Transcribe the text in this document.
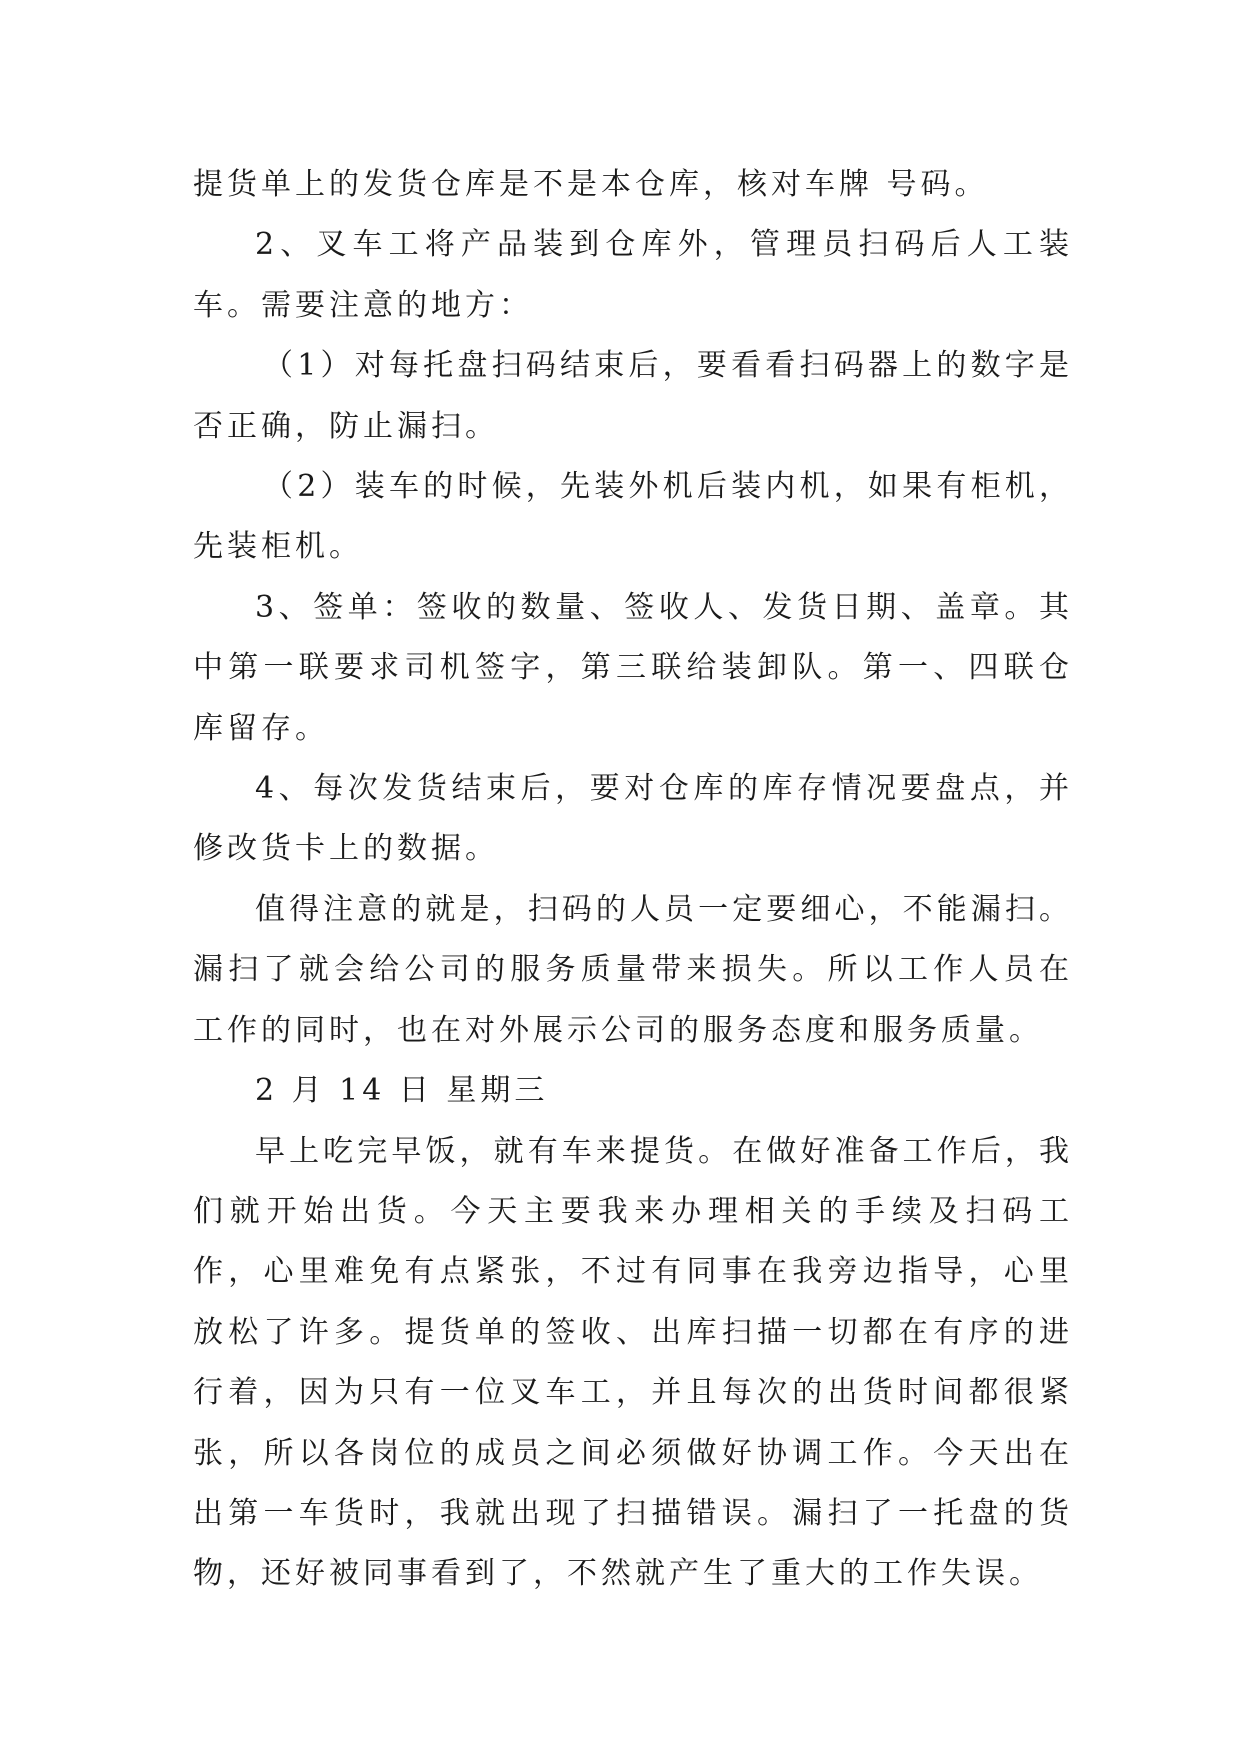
提货单上的发货仓库是不是本仓库，核对车牌 号码。

2、叉车工将产品装到仓库外，管理员扫码后人工装车。需要注意的地方：

（1）对每托盘扫码结束后，要看看扫码器上的数字是否正确，防止漏扫。

（2）装车的时候，先装外机后装内机，如果有柜机，先装柜机。

3、签单：签收的数量、签收人、发货日期、盖章。其中第一联要求司机签字，第三联给装卸队。第一、四联仓库留存。

4、每次发货结束后，要对仓库的库存情况要盘点，并修改货卡上的数据。

值得注意的就是，扫码的人员一定要细心，不能漏扫。漏扫了就会给公司的服务质量带来损失。所以工作人员在工作的同时，也在对外展示公司的服务态度和服务质量。

2 月 14 日 星期三

早上吃完早饭，就有车来提货。在做好准备工作后，我们就开始出货。今天主要我来办理相关的手续及扫码工作，心里难免有点紧张，不过有同事在我旁边指导，心里放松了许多。提货单的签收、出库扫描一切都在有序的进行着，因为只有一位叉车工，并且每次的出货时间都很紧张，所以各岗位的成员之间必须做好协调工作。今天出在出第一车货时，我就出现了扫描错误。漏扫了一托盘的货物，还好被同事看到了，不然就产生了重大的工作失误。
